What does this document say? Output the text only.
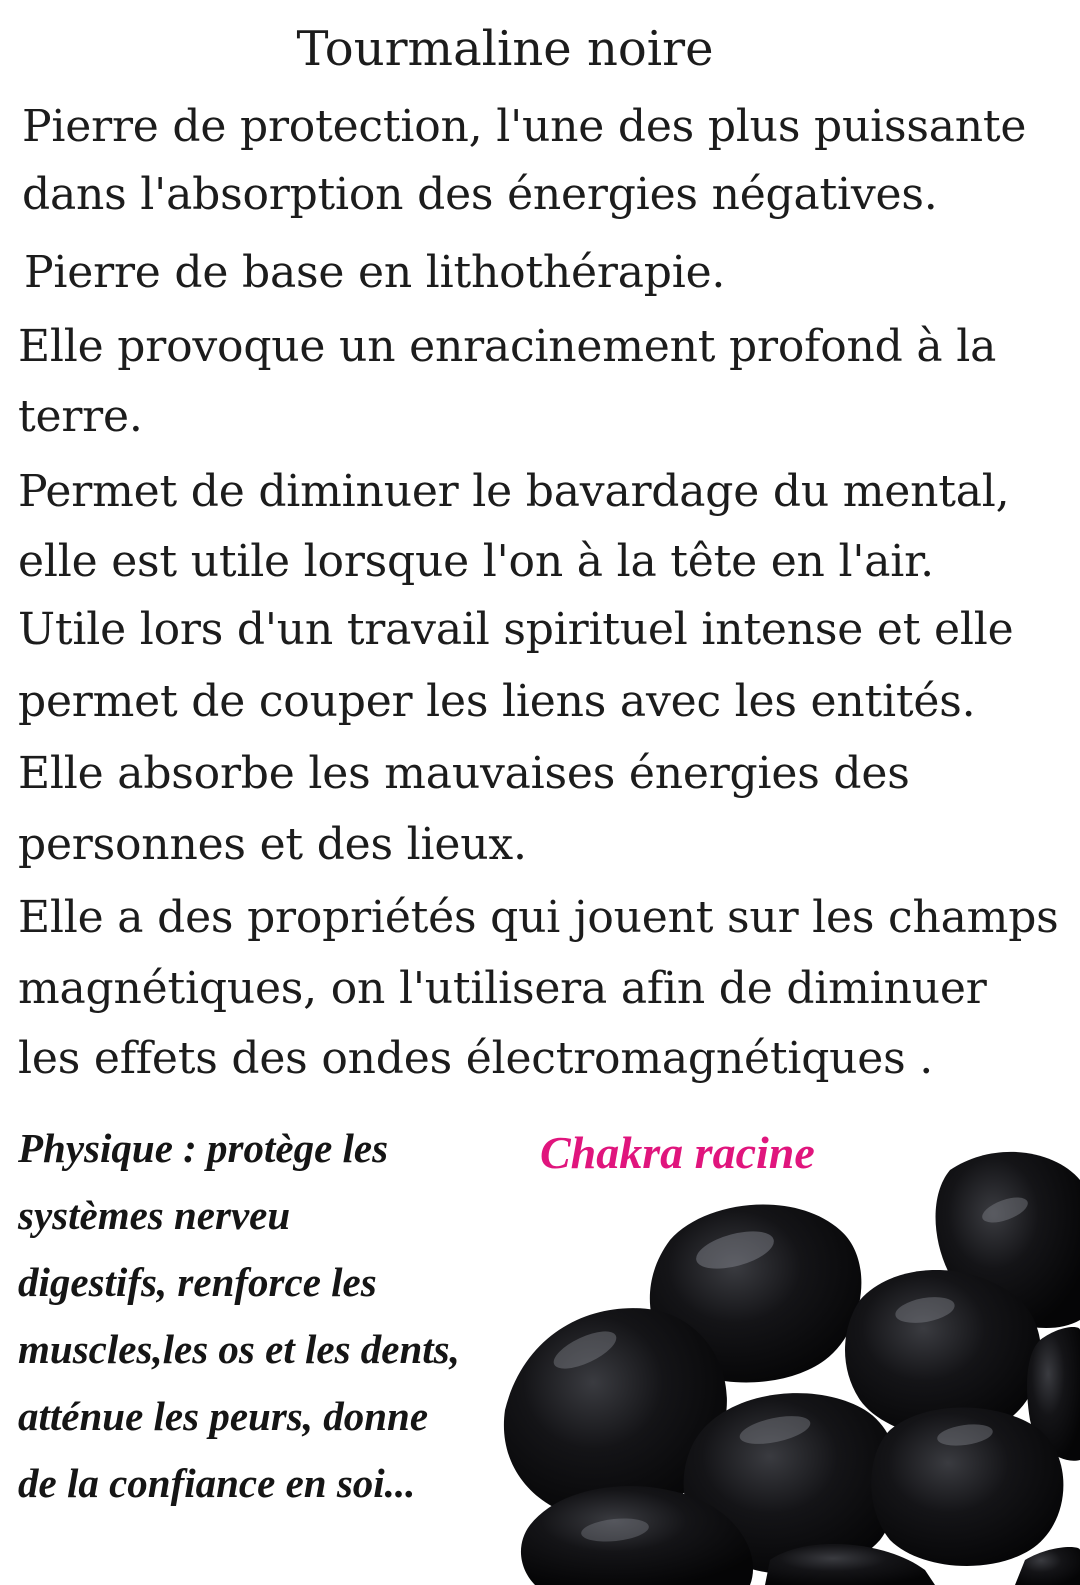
Tourmaline noire
Pierre de protection, l'une des plus puissante
dans l'absorption des énergies négatives.
Pierre de base en lithothérapie.
Elle provoque un enracinement profond à la
terre.
Permet de diminuer le bavardage du mental,
elle est utile lorsque l'on à la tête en l'air.
Utile lors d'un travail spirituel intense et elle
permet de couper les liens avec les entités.
Elle absorbe les mauvaises énergies des
personnes et des lieux.
Elle a des propriétés qui jouent sur les champs
magnétiques, on l'utilisera afin de diminuer
les effets des ondes électromagnétiques .
Physique : protège les
systèmes nerveu
digestifs, renforce les
muscles,les os et les dents,
atténue les peurs, donne
de la confiance en soi...
Chakra racine
